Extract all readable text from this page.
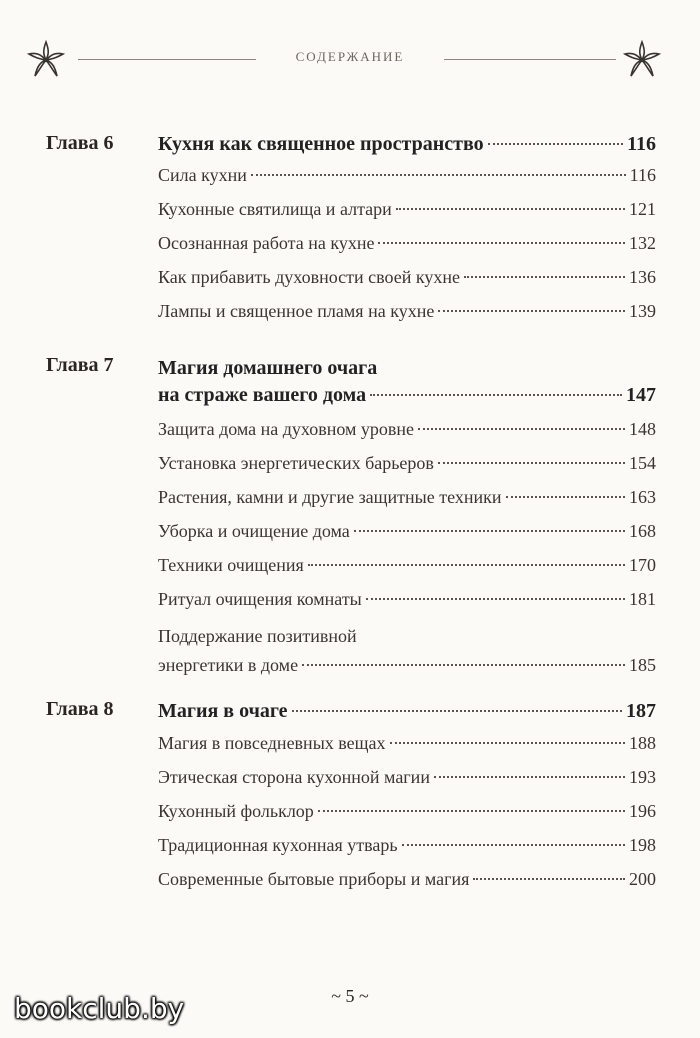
СОДЕРЖАНИЕ
Глава 6 Кухня как священное пространство	116
Сила кухни	116
Кухонные святилища и алтари	121
Осознанная работа на кухне	132
Как прибавить духовности своей кухне	136
Лампы и священное пламя на кухне	139
Глава 7 Магия домашнего очага
на страже вашего дома	147
Защита дома на духовном уровне	148
Установка энергетических барьеров	154
Растения, камни и другие защитные техники	163
Уборка и очищение дома	168
Техники очищения	170
Ритуал очищения комнаты	181
Поддержание позитивной
энергетики в доме	185
Глава 8 Магия в очаге	187
Магия в повседневных вещах	188
Этическая сторона кухонной магии	193
Кухонный фольклор	196
Традиционная кухонная утварь	198
Современные бытовые приборы и магия	200
~ 5 ~
bookclub.by
